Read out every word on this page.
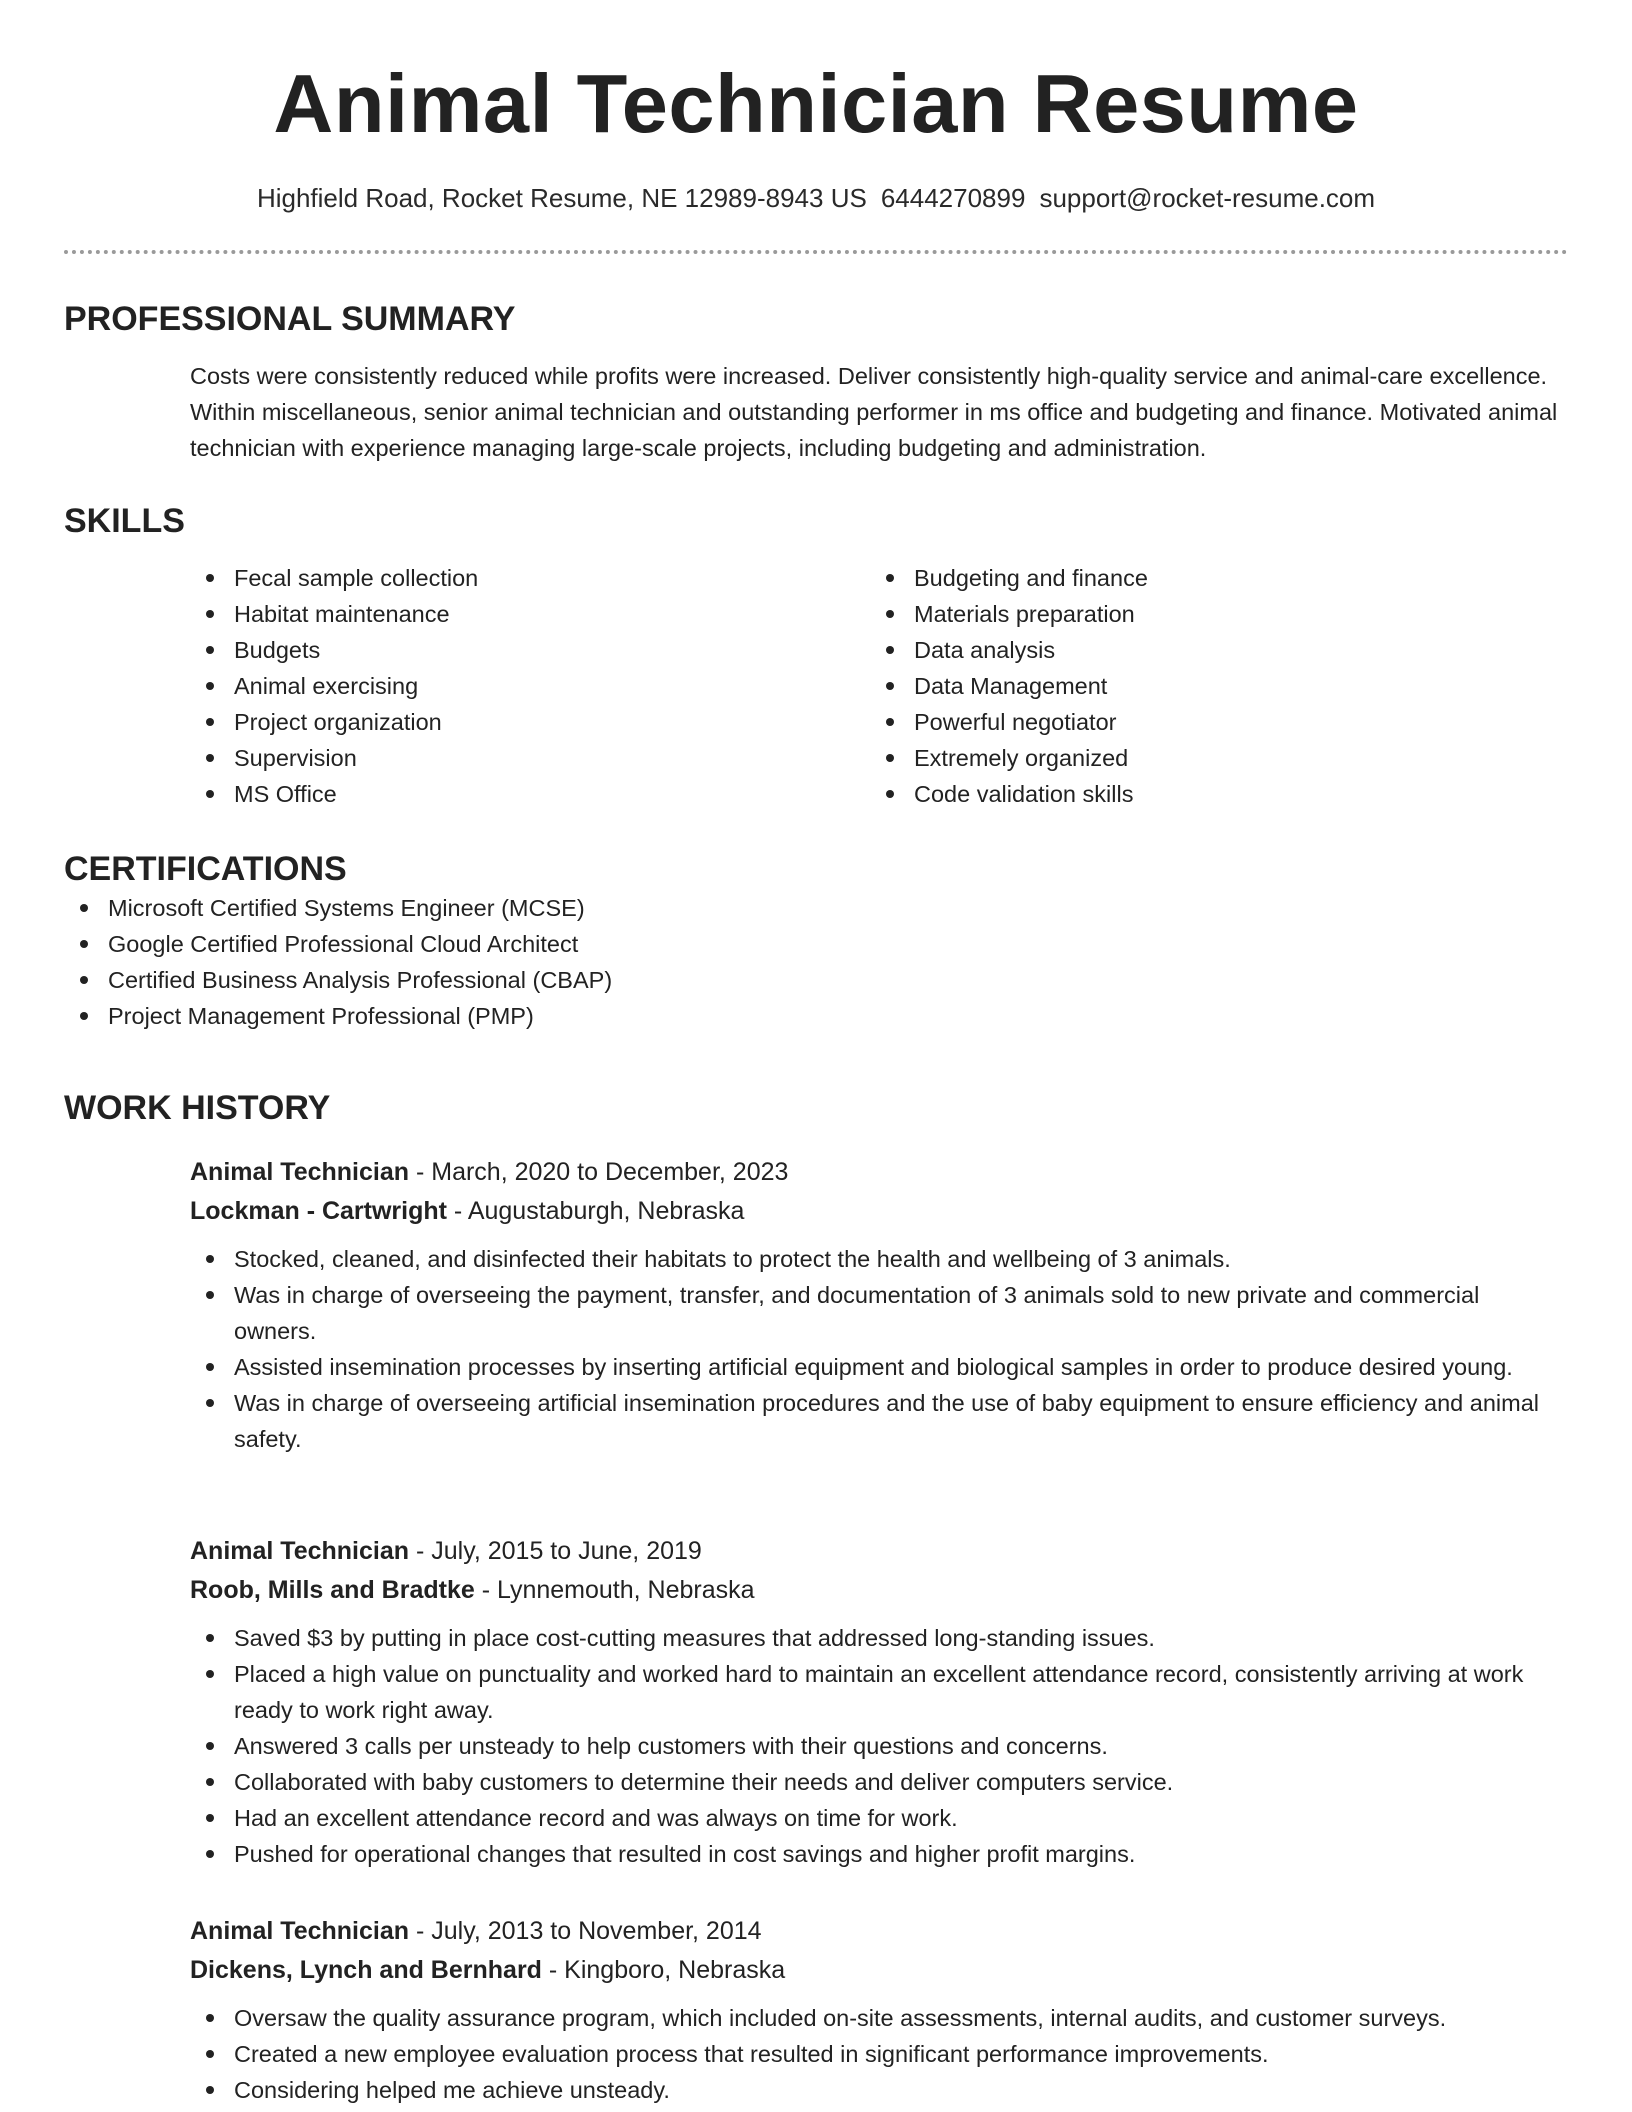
Animal Technician Resume
Highfield Road, Rocket Resume, NE 12989-8943 US 6444270899 support@rocket-resume.com
PROFESSIONAL SUMMARY
Costs were consistently reduced while profits were increased. Deliver consistently high-quality service and animal-care excellence. Within miscellaneous, senior animal technician and outstanding performer in ms office and budgeting and finance. Motivated animal technician with experience managing large-scale projects, including budgeting and administration.
SKILLS
Fecal sample collection
Habitat maintenance
Budgets
Animal exercising
Project organization
Supervision
MS Office
Budgeting and finance
Materials preparation
Data analysis
Data Management
Powerful negotiator
Extremely organized
Code validation skills
CERTIFICATIONS
Microsoft Certified Systems Engineer (MCSE)
Google Certified Professional Cloud Architect
Certified Business Analysis Professional (CBAP)
Project Management Professional (PMP)
WORK HISTORY
Animal Technician - March, 2020 to December, 2023
Lockman - Cartwright - Augustaburgh, Nebraska
Stocked, cleaned, and disinfected their habitats to protect the health and wellbeing of 3 animals.
Was in charge of overseeing the payment, transfer, and documentation of 3 animals sold to new private and commercial owners.
Assisted insemination processes by inserting artificial equipment and biological samples in order to produce desired young.
Was in charge of overseeing artificial insemination procedures and the use of baby equipment to ensure efficiency and animal safety.
Animal Technician - July, 2015 to June, 2019
Roob, Mills and Bradtke - Lynnemouth, Nebraska
Saved $3 by putting in place cost-cutting measures that addressed long-standing issues.
Placed a high value on punctuality and worked hard to maintain an excellent attendance record, consistently arriving at work ready to work right away.
Answered 3 calls per unsteady to help customers with their questions and concerns.
Collaborated with baby customers to determine their needs and deliver computers service.
Had an excellent attendance record and was always on time for work.
Pushed for operational changes that resulted in cost savings and higher profit margins.
Animal Technician - July, 2013 to November, 2014
Dickens, Lynch and Bernhard - Kingboro, Nebraska
Oversaw the quality assurance program, which included on-site assessments, internal audits, and customer surveys.
Created a new employee evaluation process that resulted in significant performance improvements.
Considering helped me achieve unsteady.
